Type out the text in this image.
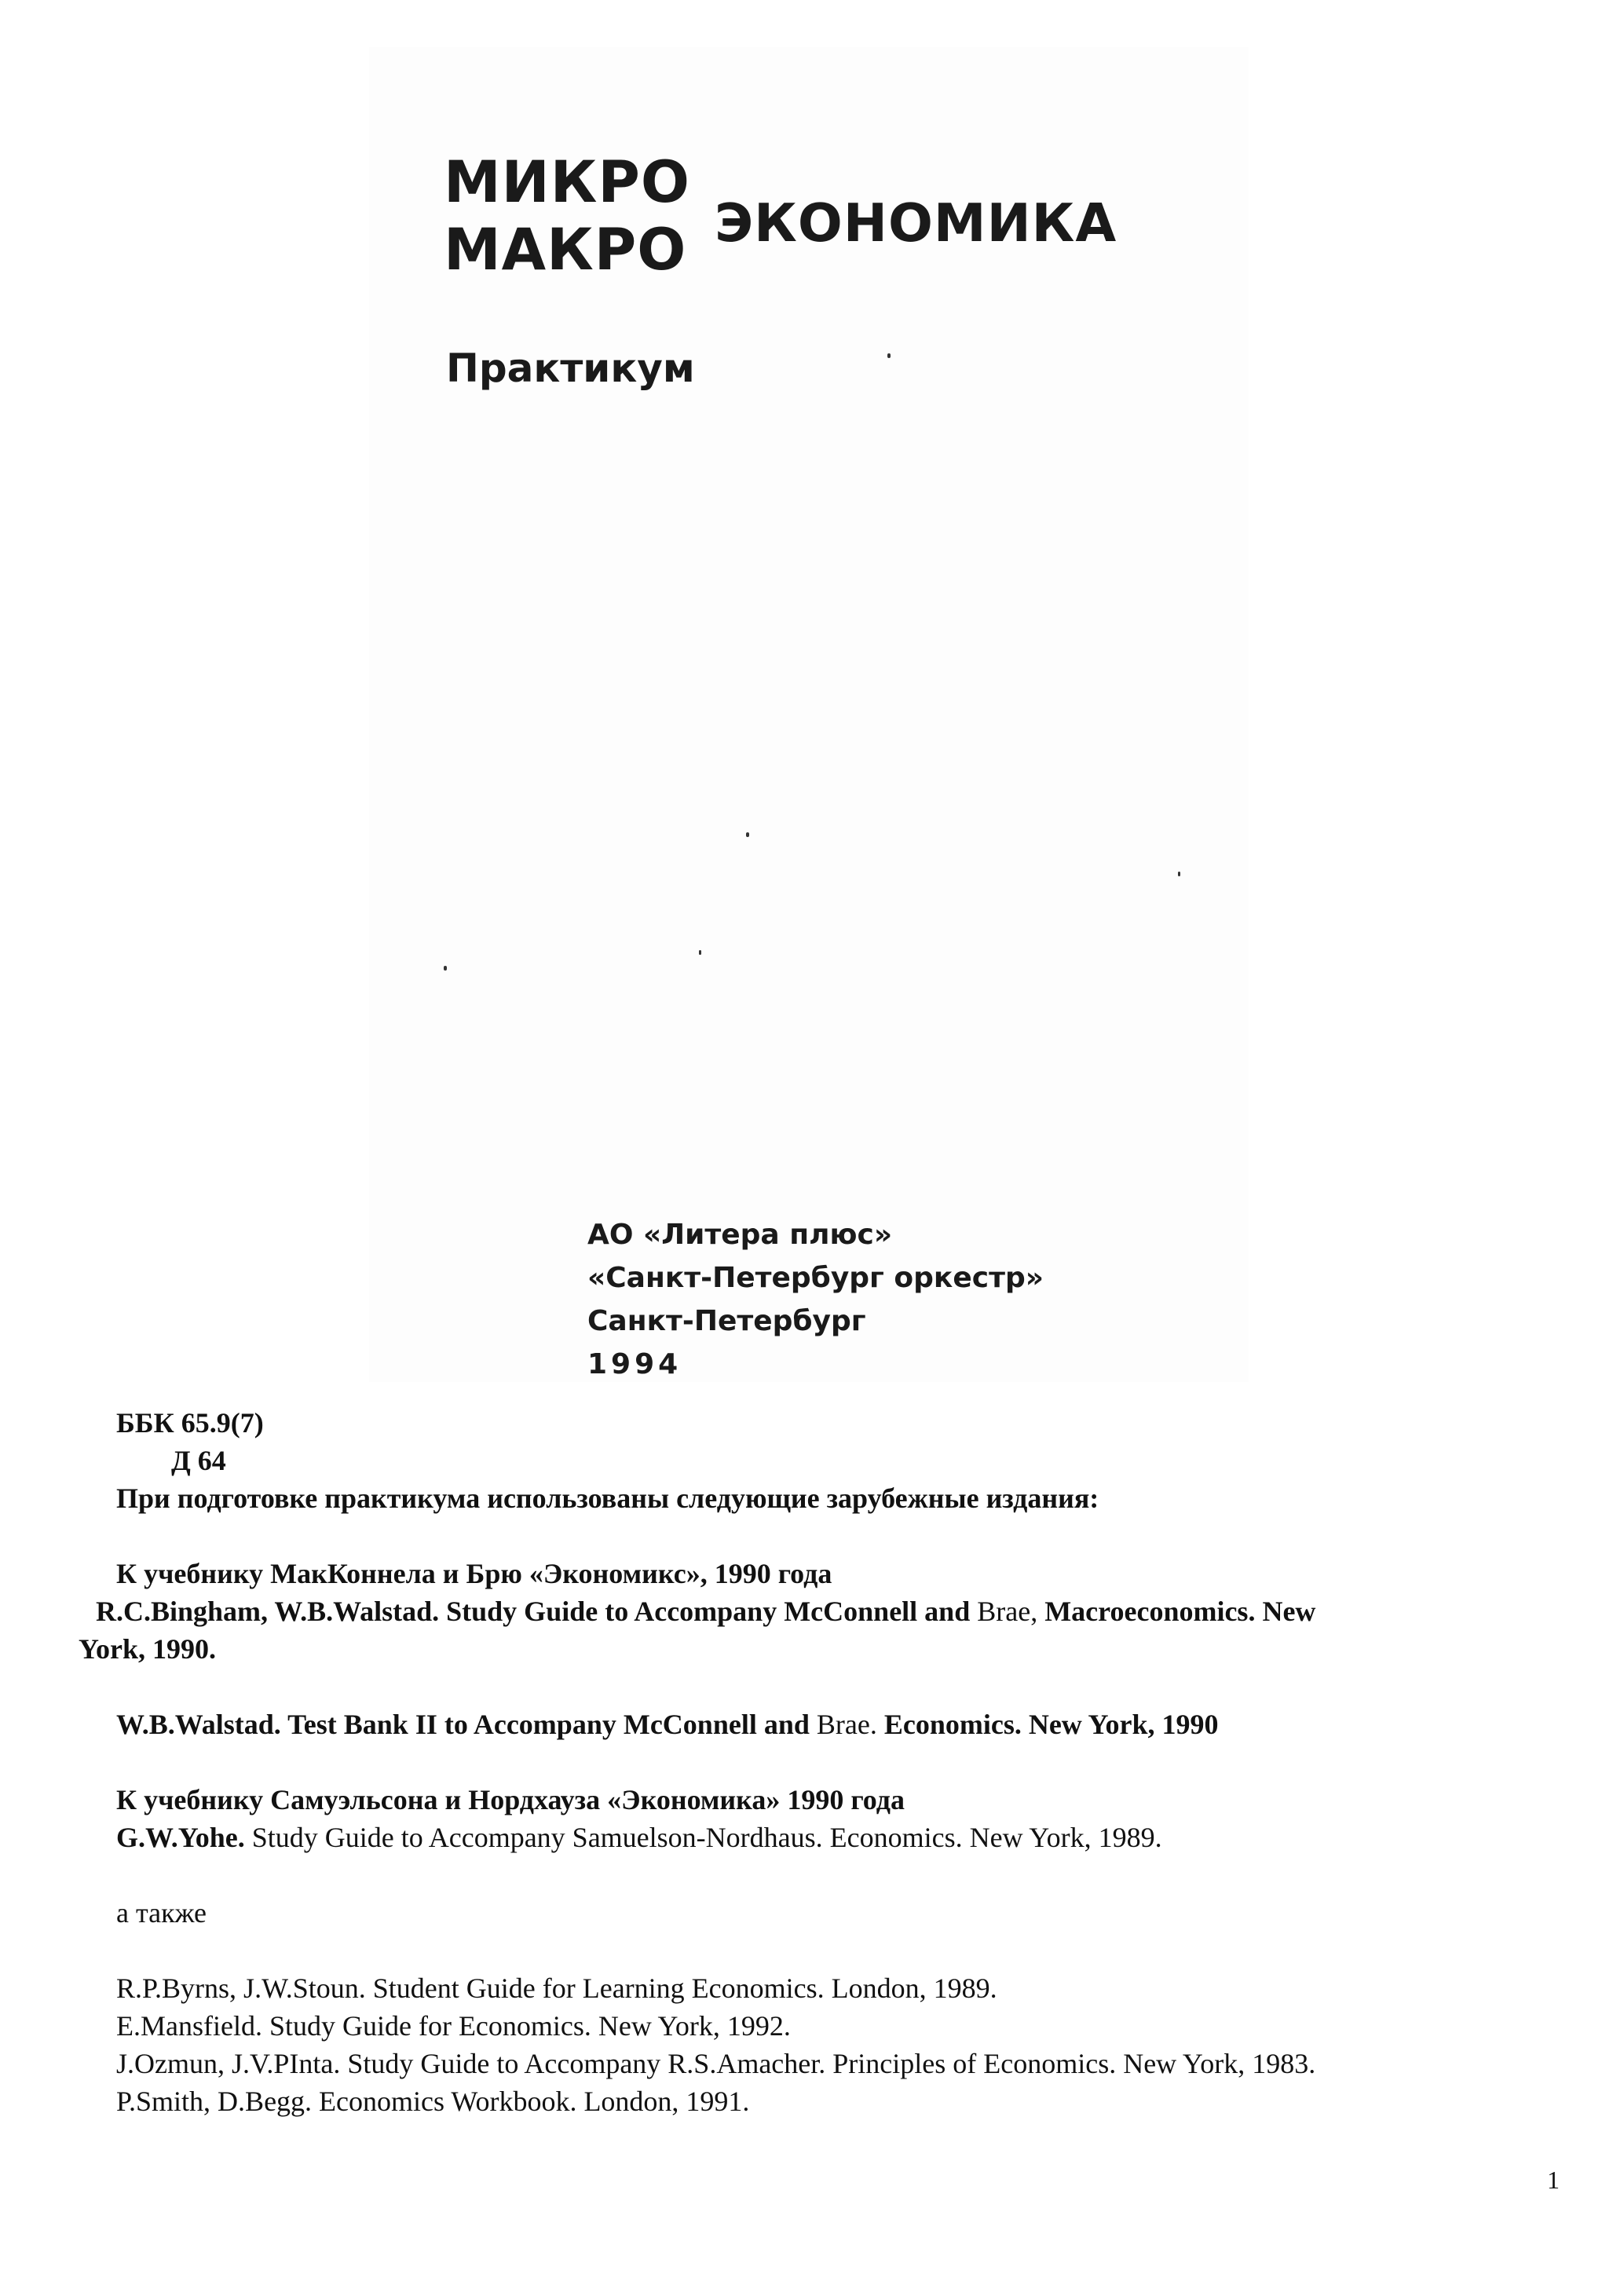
МИКРО
МАКРО ЭКОНОМИКА
Практикум
АО «Литера плюс»
«Санкт-Петербург оркестр»
Санкт-Петербург
1994
ББК 65.9(7)
Д 64
При подготовке практикума использованы следующие зарубежные издания:
К учебнику МакКоннела и Брю «Экономикс», 1990 года
R.C.Bingham, W.B.Walstad. Study Guide to Accompany McConnell and Brae, Macroeconomics. New
York, 1990.
W.B.Walstad. Test Bank II to Accompany McConnell and Brae. Economics. New York, 1990
К учебнику Самуэльсона и Нордхауза «Экономика» 1990 года
G.W.Yohe. Study Guide to Accompany Samuelson-Nordhaus. Economics. New York, 1989.
а также
R.P.Byrns, J.W.Stoun. Student Guide for Learning Economics. London, 1989.
E.Mansfield. Study Guide for Economics. New York, 1992.
J.Ozmun, J.V.PInta. Study Guide to Accompany R.S.Amacher. Principles of Economics. New York, 1983.
P.Smith, D.Begg. Economics Workbook. London, 1991.
1
